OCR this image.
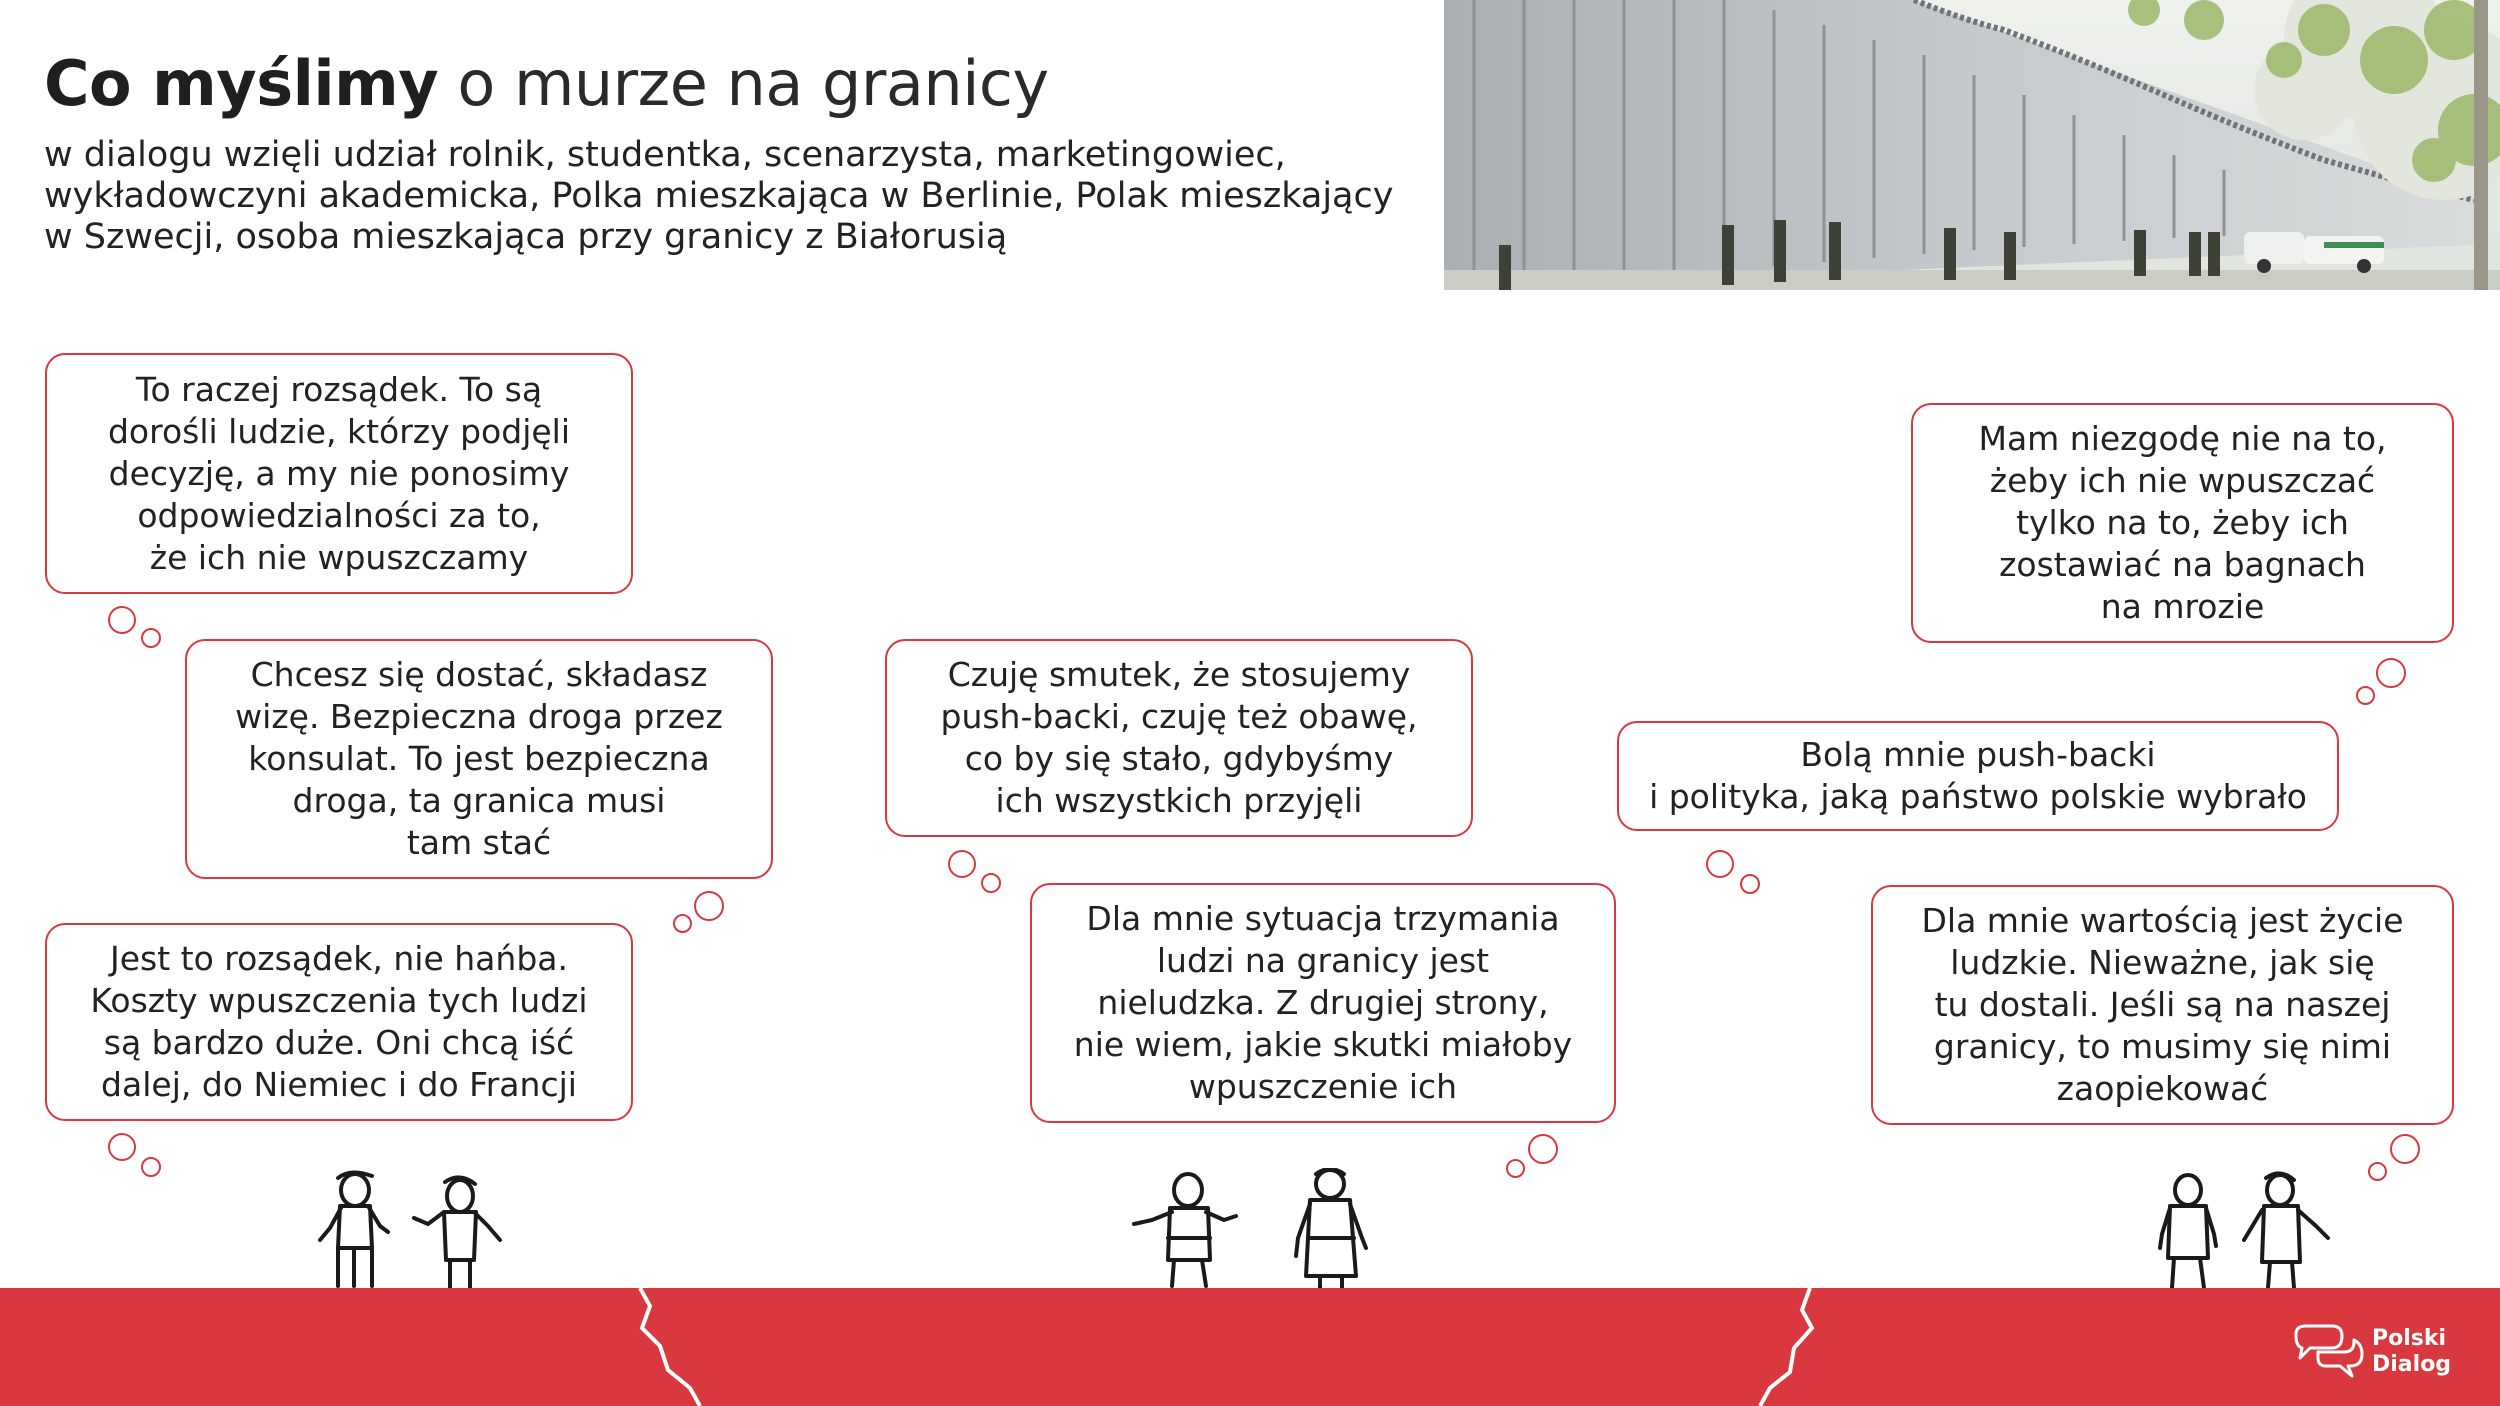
Co myślimy o murze na granicy
w dialogu wzięli udział rolnik, studentka, scenarzysta, marketingowiec, wykładowczyni akademicka, Polka mieszkająca w Berlinie, Polak mieszkający w Szwecji, osoba mieszkająca przy granicy z Białorusią
To raczej rozsądek. To są
dorośli ludzie, którzy podjęli
decyzję, a my nie ponosimy
odpowiedzialności za to,
że ich nie wpuszczamy
Chcesz się dostać, składasz
wizę. Bezpieczna droga przez
konsulat. To jest bezpieczna
droga, ta granica musi
tam stać
Jest to rozsądek, nie hańba.
Koszty wpuszczenia tych ludzi
są bardzo duże. Oni chcą iść
dalej, do Niemiec i do Francji
Czuję smutek, że stosujemy
push-backi, czuję też obawę,
co by się stało, gdybyśmy
ich wszystkich przyjęli
Dla mnie sytuacja trzymania
ludzi na granicy jest
nieludzka. Z drugiej strony,
nie wiem, jakie skutki miałoby
wpuszczenie ich
Mam niezgodę nie na to,
żeby ich nie wpuszczać
tylko na to, żeby ich
zostawiać na bagnach
na mrozie
Bolą mnie push-backi
i polityka, jaką państwo polskie wybrało
Dla mnie wartością jest życie
ludzkie. Nieważne, jak się
tu dostali. Jeśli są na naszej
granicy, to musimy się nimi
zaopiekować
Polski
Dialog
